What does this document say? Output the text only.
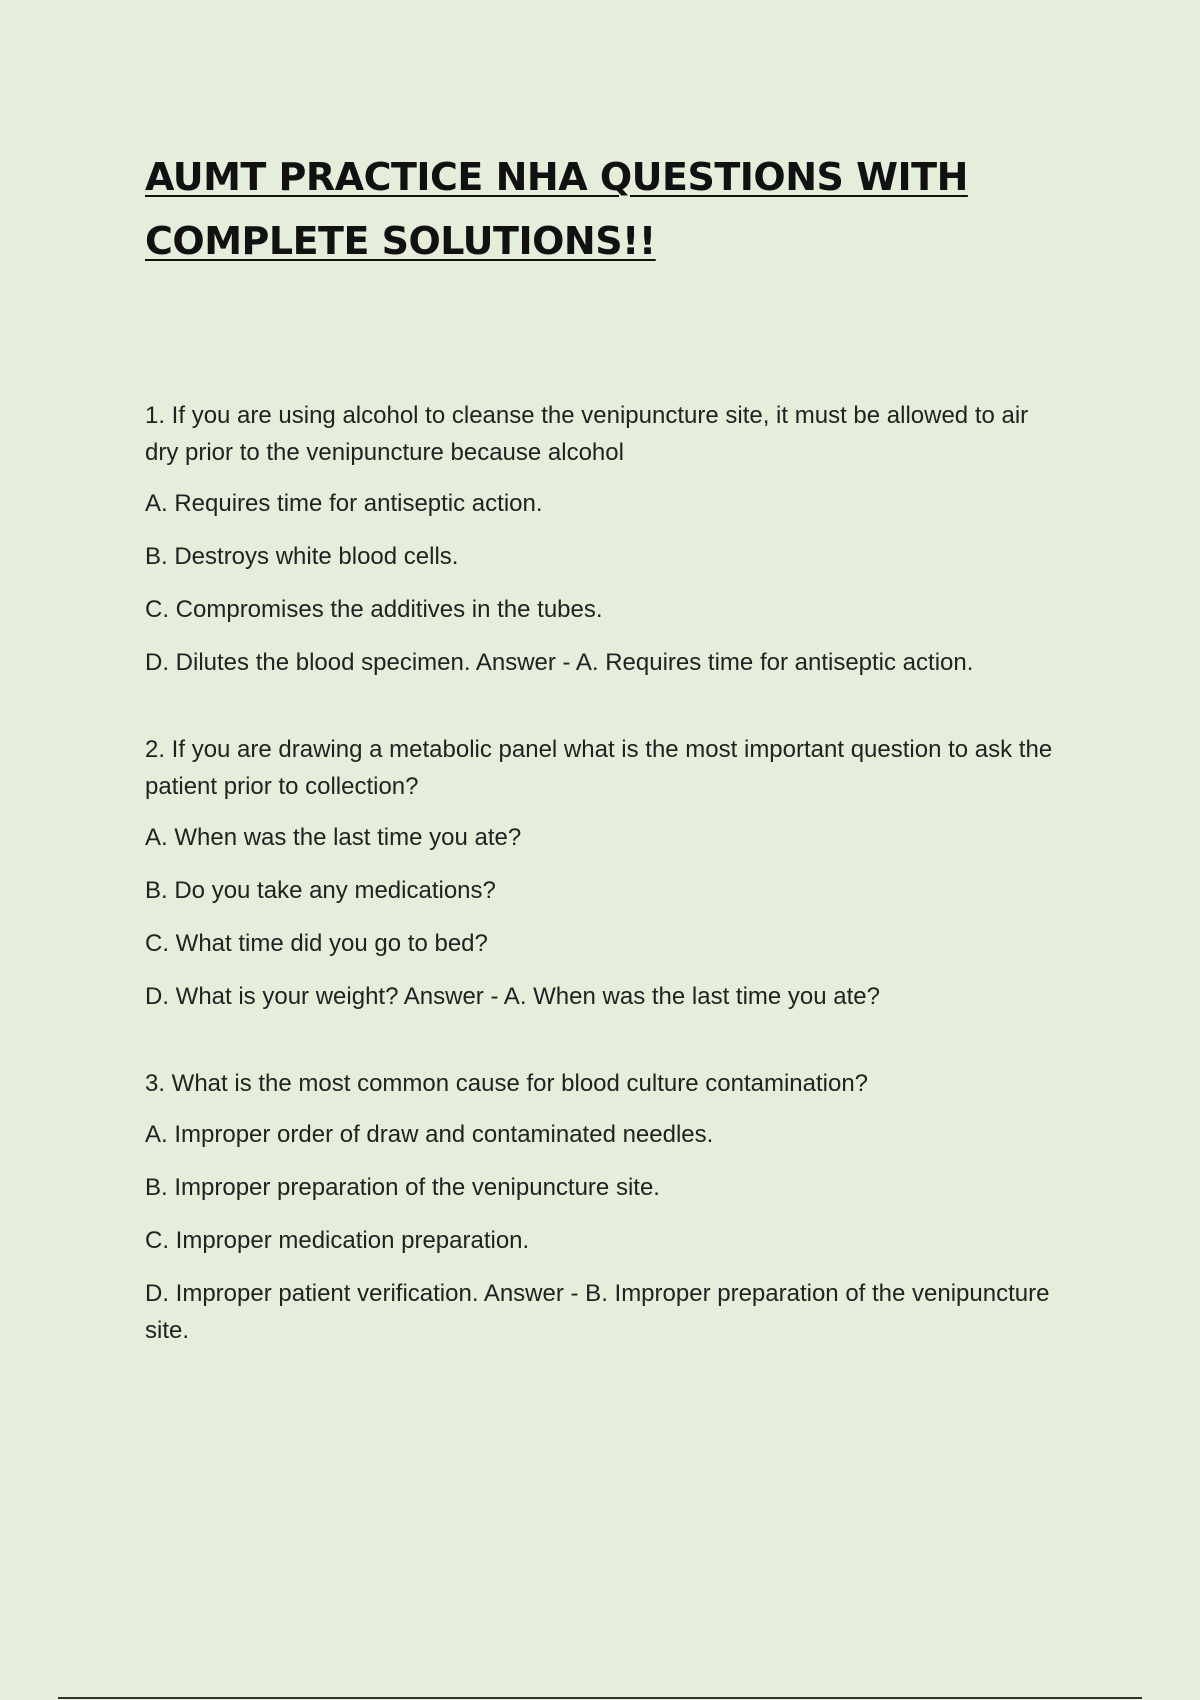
AUMT PRACTICE NHA QUESTIONS WITH COMPLETE SOLUTIONS!!

1. If you are using alcohol to cleanse the venipuncture site, it must be allowed to air dry prior to the venipuncture because alcohol

A. Requires time for antiseptic action.

B. Destroys white blood cells.

C. Compromises the additives in the tubes.

D. Dilutes the blood specimen. Answer - A. Requires time for antiseptic action.

2. If you are drawing a metabolic panel what is the most important question to ask the patient prior to collection?

A. When was the last time you ate?

B. Do you take any medications?

C. What time did you go to bed?

D. What is your weight? Answer - A. When was the last time you ate?

3. What is the most common cause for blood culture contamination?

A. Improper order of draw and contaminated needles.

B. Improper preparation of the venipuncture site.

C. Improper medication preparation.

D. Improper patient verification. Answer - B. Improper preparation of the venipuncture site.
